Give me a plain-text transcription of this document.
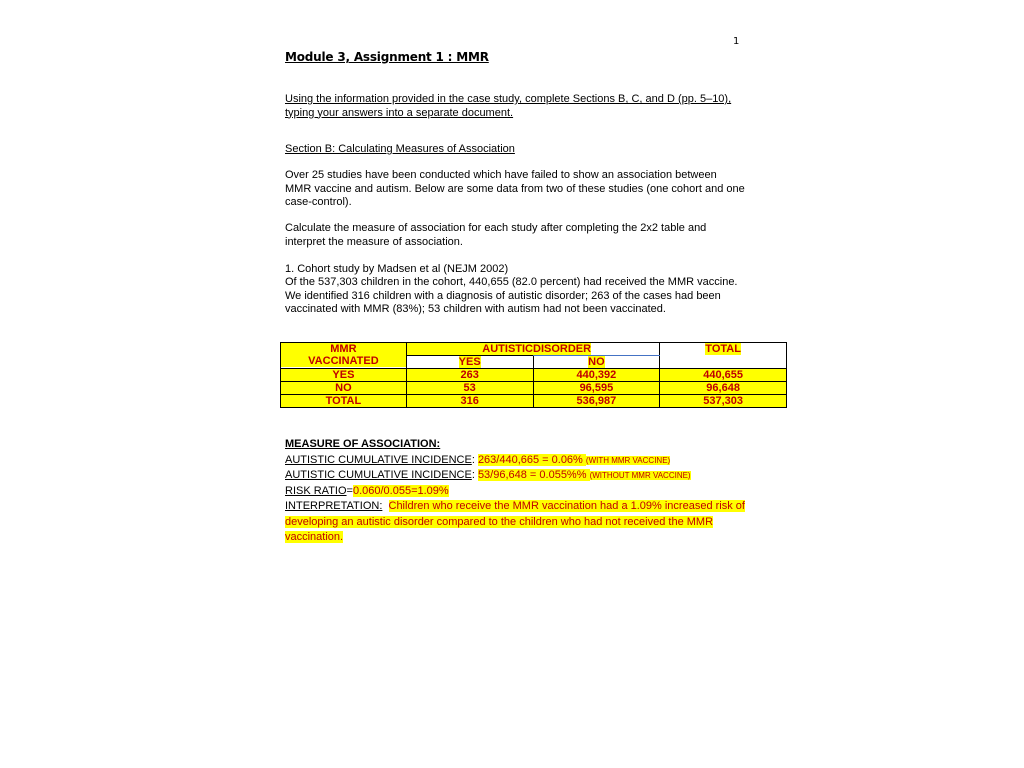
1
Module 3, Assignment 1 : MMR
Using the information provided in the case study, complete Sections B, C, and D (pp. 5–10), typing your answers into a separate document.
Section B: Calculating Measures of Association
Over 25 studies have been conducted which have failed to show an association between MMR vaccine and autism. Below are some data from two of these studies (one cohort and one case-control).
Calculate the measure of association for each study after completing the 2x2 table and interpret the measure of association.
1. Cohort study by Madsen et al (NEJM 2002)
Of the 537,303 children in the cohort, 440,655 (82.0 percent) had received the MMR vaccine. We identified 316 children with a diagnosis of autistic disorder; 263 of the cases had been vaccinated with MMR (83%); 53 children with autism had not been vaccinated.
MMR
VACCINATED	AUTISTIC	DISORDER	TOTAL
	YES	NO	
YES	263	440,392	440,655
NO	53	96,595	96,648
TOTAL	316	536,987	537,303
MEASURE OF ASSOCIATION:
AUTISTIC CUMULATIVE INCIDENCE: 263/440,665 = 0.06% (WITH MMR VACCINE)
AUTISTIC CUMULATIVE INCIDENCE: 53/96,648 = 0.055%% (WITHOUT MMR VACCINE)
RISK RATIO=0.060/0.055=1.09%
INTERPRETATION: Children who receive the MMR vaccination had a 1.09% increased risk of developing an autistic disorder compared to the children who had not received the MMR vaccination.
